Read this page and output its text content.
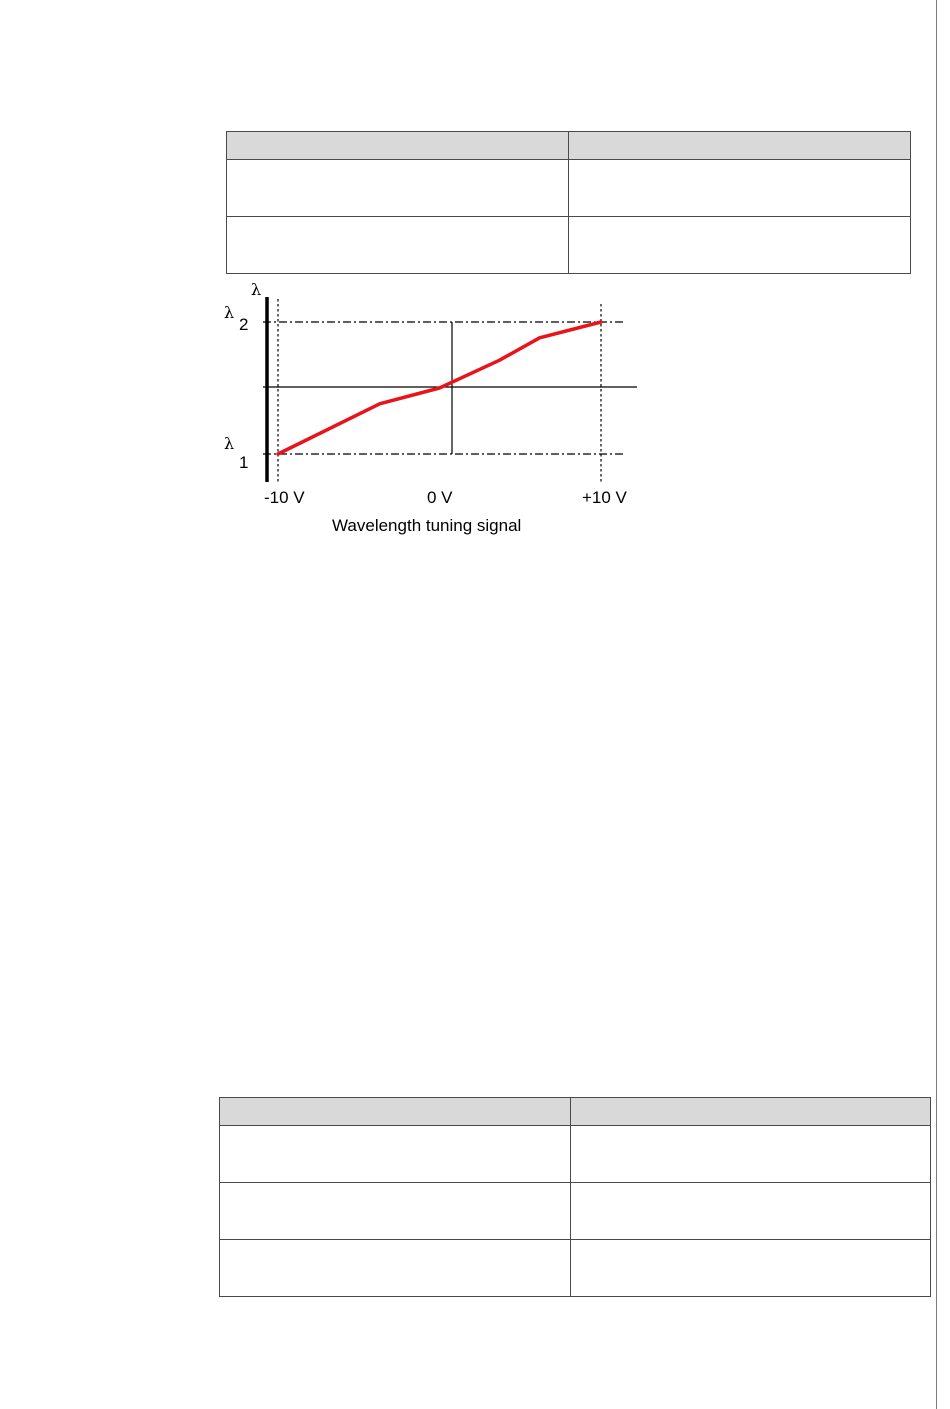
λ
λ
2
λ
1
-10 V	0 V	+10 V
Wavelength tuning signal
